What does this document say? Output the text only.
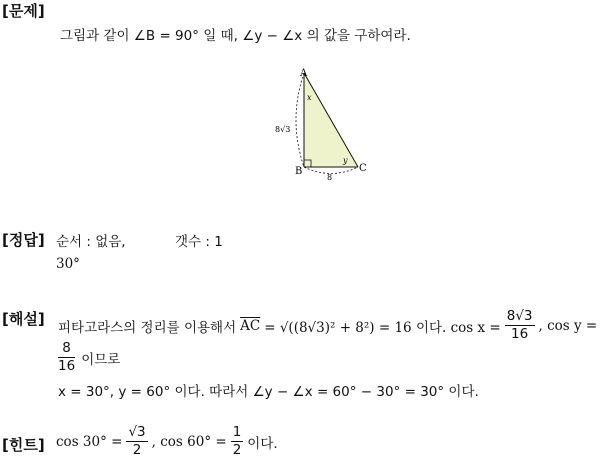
[문제]
그림과 같이 ∠B = 90° 일 때, ∠y − ∠x 의 값을 구하여라.
A
B	C
x
y
8√3
8
[정답] 순서 : 없음,	갯수 : 1
30°
[해설] 피타고라스의 정리를 이용해서 $\overline{AC} = √((8√3)^2 + 8^2) = 16$ 이다. $\cos x = \frac{8√3}{16}$ , cos y =
$\frac{8}{16}$ 이므로
x = 30°, y = 60° 이다. 따라서 ∠y − ∠x = 60° − 30° = 30° 이다.
[힌트] $\cos 30^\circ = \frac{√3}{2}$ , $\cos 60^\circ = \frac{1}{2}$ 이다.
